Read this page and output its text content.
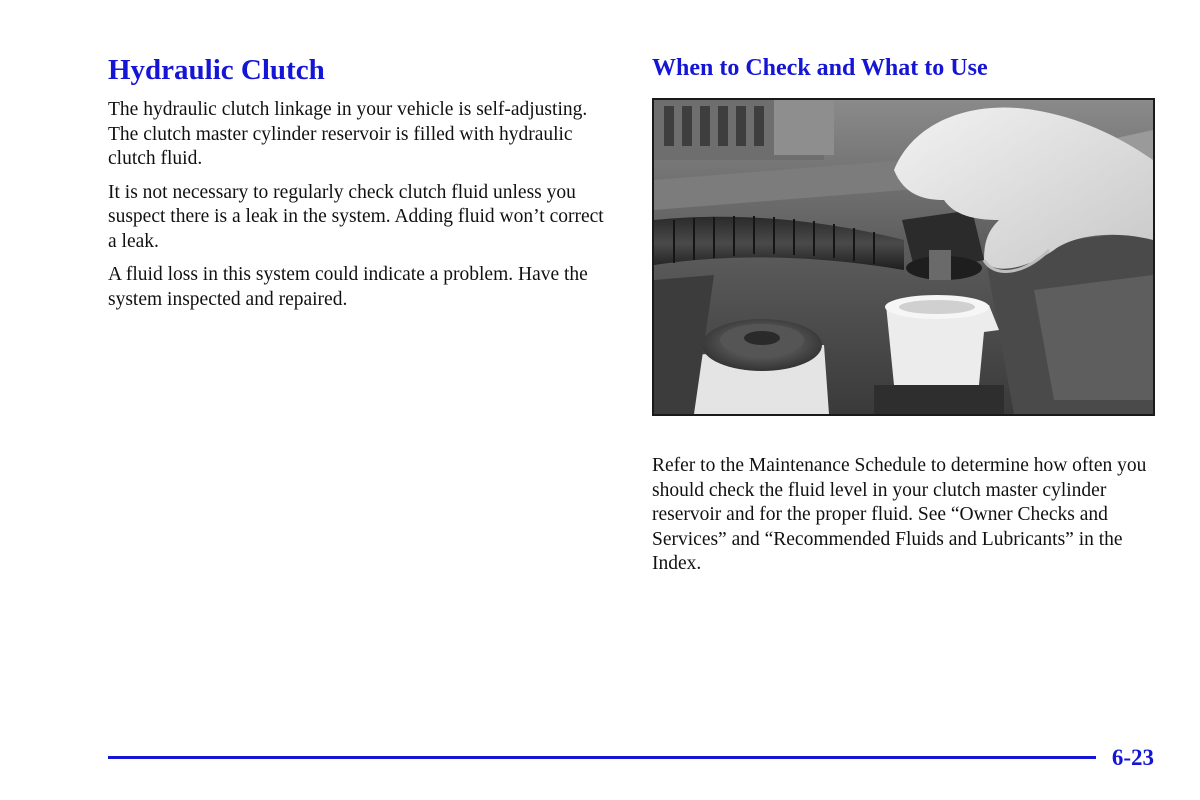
Hydraulic Clutch

The hydraulic clutch linkage in your vehicle is self-adjusting. The clutch master cylinder reservoir is filled with hydraulic clutch fluid.

It is not necessary to regularly check clutch fluid unless you suspect there is a leak in the system. Adding fluid won’t correct a leak.

A fluid loss in this system could indicate a problem. Have the system inspected and repaired.

When to Check and What to Use

Refer to the Maintenance Schedule to determine how often you should check the fluid level in your clutch master cylinder reservoir and for the proper fluid. See “Owner Checks and Services” and “Recommended Fluids and Lubricants” in the Index.

6-23
